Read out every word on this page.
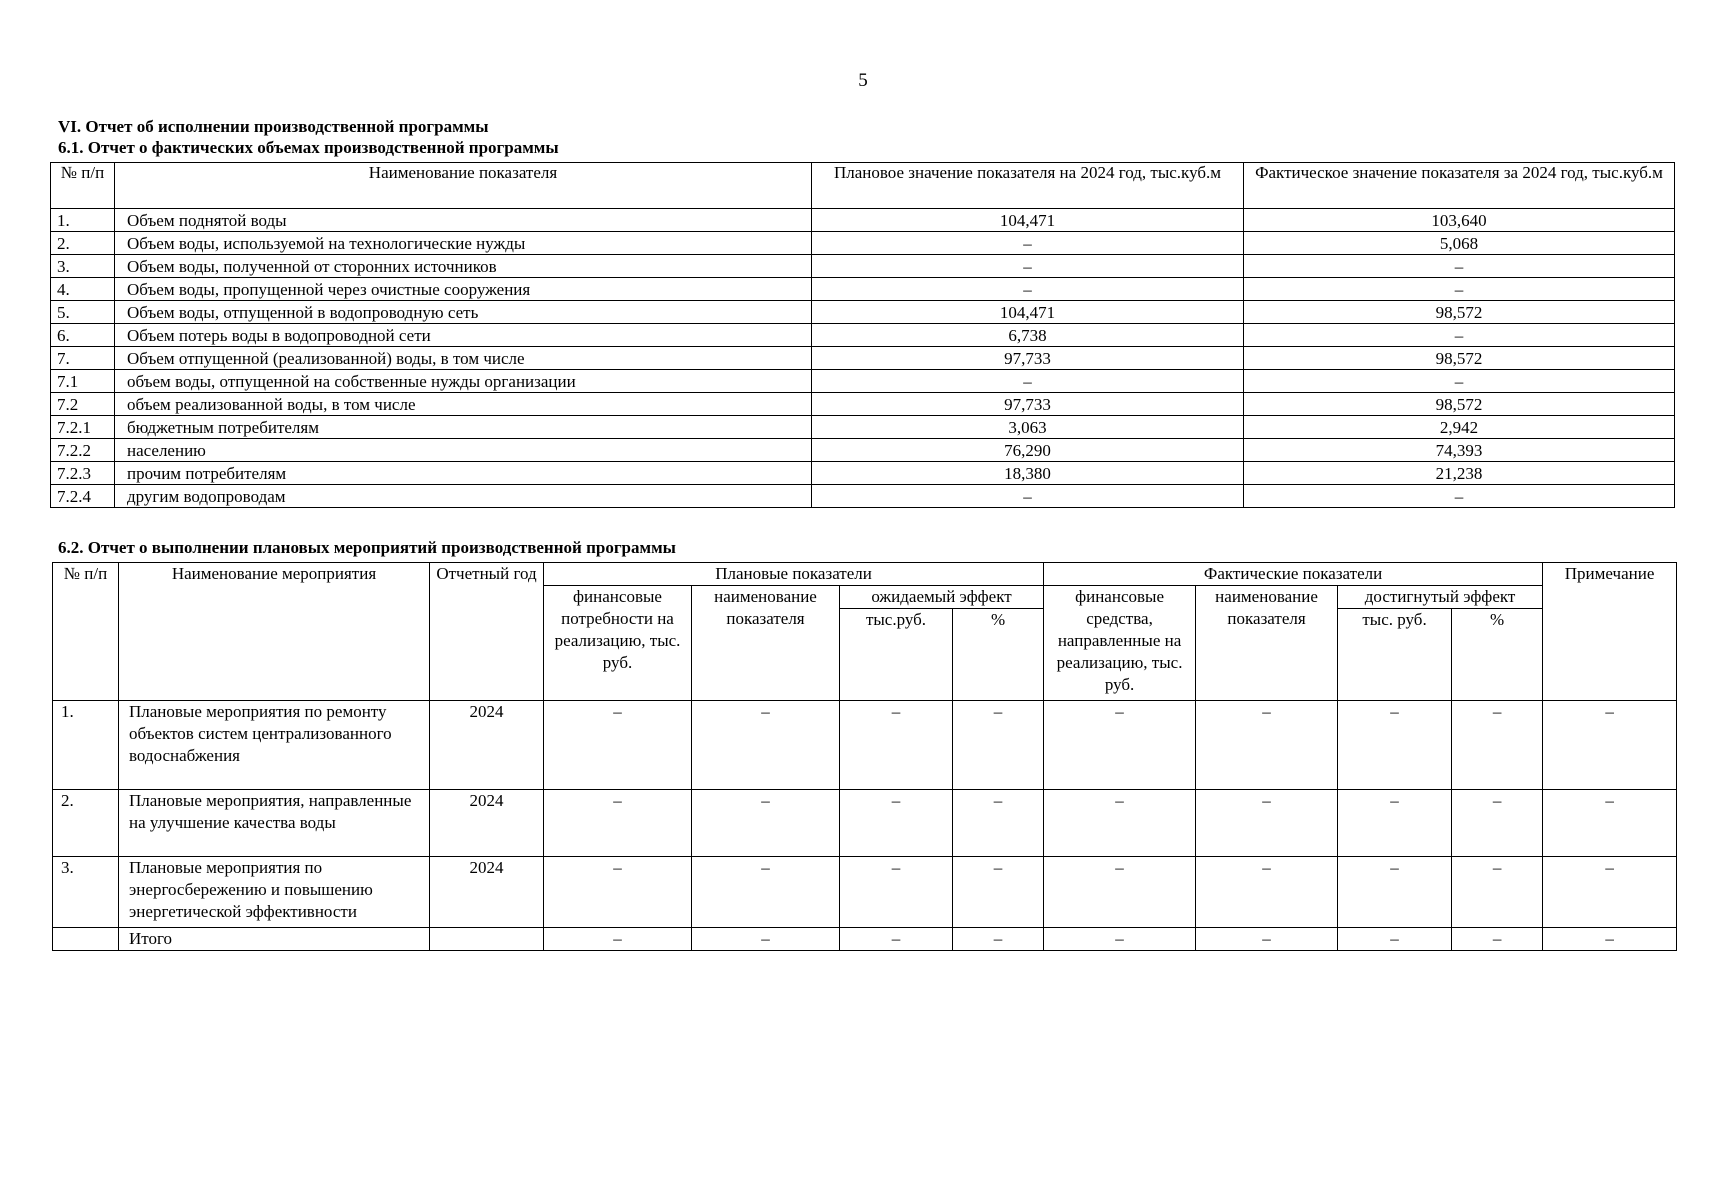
5
VI. Отчет об исполнении производственной программы
6.1. Отчет о фактических объемах производственной программы
№ п/п	Наименование показателя	Плановое значение показателя на 2024 год, тыс.куб.м	Фактическое значение показателя за 2024 год, тыс.куб.м
1.	Объем поднятой воды	104,471	103,640
2.	Объем воды, используемой на технологические нужды	–	5,068
3.	Объем воды, полученной от сторонних источников	–	–
4.	Объем воды, пропущенной через очистные сооружения	–	–
5.	Объем воды, отпущенной в водопроводную сеть	104,471	98,572
6.	Объем потерь воды в водопроводной сети	6,738	–
7.	Объем отпущенной (реализованной) воды, в том числе	97,733	98,572
7.1	объем воды, отпущенной на собственные нужды организации	–	–
7.2	объем реализованной воды, в том числе	97,733	98,572
7.2.1	бюджетным потребителям	3,063	2,942
7.2.2	населению	76,290	74,393
7.2.3	прочим потребителям	18,380	21,238
7.2.4	другим водопроводам	–	–
6.2. Отчет о выполнении плановых мероприятий производственной программы
№ п/п	Наименование мероприятия	Отчетный год	Плановые показатели				Фактические показатели				Примечание
			финансовые потребности на реализацию, тыс. руб.	наименование показателя	ожидаемый эффект		финансовые средства, направленные на реализацию, тыс. руб.	наименование показателя	достигнутый эффект		
					тыс.руб.	%			тыс. руб.	%	
1.	Плановые мероприятия по ремонту объектов систем централизованного водоснабжения	2024	–	–	–	–	–	–	–	–	–
2.	Плановые мероприятия, направленные на улучшение качества воды	2024	–	–	–	–	–	–	–	–	–
3.	Плановые мероприятия по энергосбережению и повышению энергетической эффективности	2024	–	–	–	–	–	–	–	–	–
	Итого		–	–	–	–	–	–	–	–	–
